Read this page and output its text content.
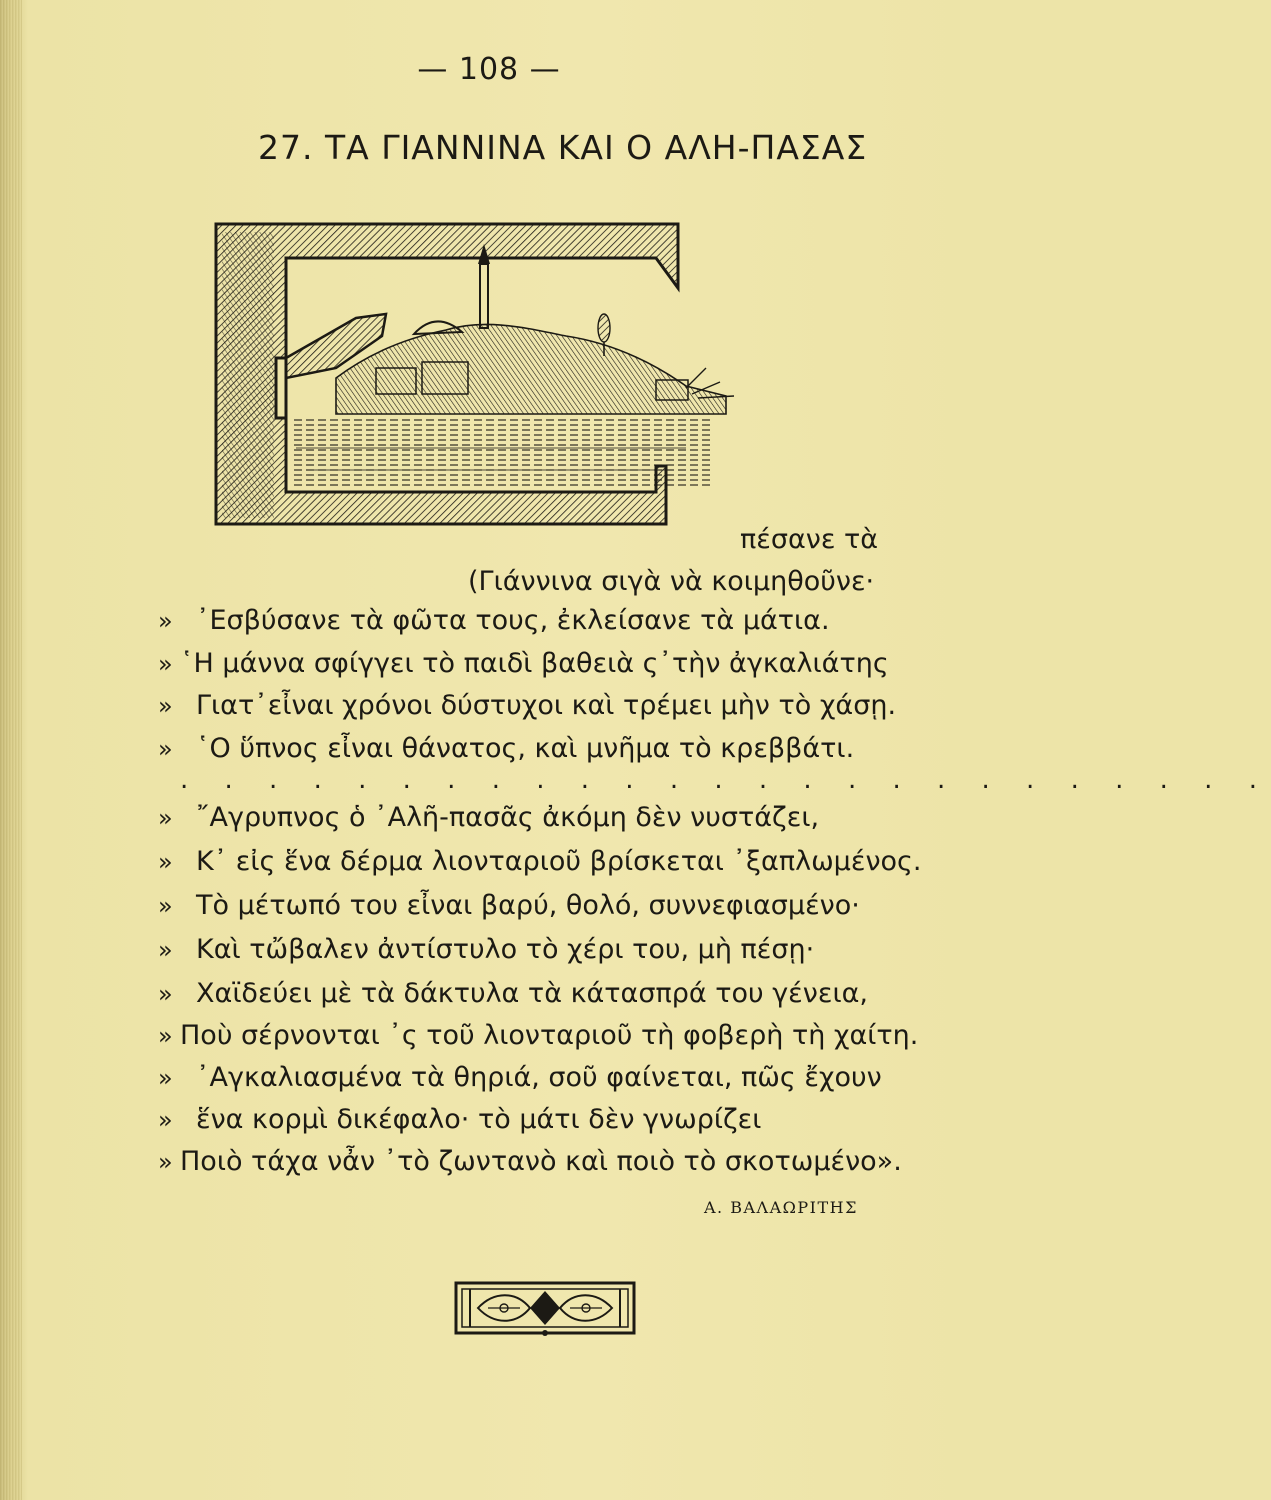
— 108 —
27. ΤΑ ΓΙΑΝΝΙΝΑ ΚΑΙ Ο ΑΛΗ-ΠΑΣΑΣ
πέσανε τὰ
(Γιάννινα σιγὰ νὰ κοιμηθοῦνε·
» ᾿Εσβύσανε τὰ φῶτα τους, ἐκλείσανε τὰ μάτια.
» ῾Η μάννα σφίγγει τὸ παιδὶ βαθειὰ ς᾿τὴν ἀγκαλιάτης
» Γιατ᾿εἶναι χρόνοι δύστυχοι καὶ τρέμει μὴν τὸ χάσῃ.
» ῾Ο ὕπνος εἶναι θάνατος, καὶ μνῆμα τὸ κρεββάτι.
. . . . . . . . . . . . . . . . . . . . . . . . .
» ῎Αγρυπνος ὁ ᾿Αλῆ-πασᾶς ἀκόμη δὲν νυστάζει,
» Κ᾿ εἰς ἕνα δέρμα λιονταριοῦ βρίσκεται ᾿ξαπλωμένος.
» Τὸ μέτωπό του εἶναι βαρύ, θολό, συννεφιασμένο·
» Καὶ τὤβαλεν ἀντίστυλο τὸ χέρι του, μὴ πέσῃ·
» Χαϊδεύει μὲ τὰ δάκτυλα τὰ κάτασπρά του γένεια,
» Ποὺ σέρνονται ᾿ς τοῦ λιονταριοῦ τὴ φοβερὴ τὴ χαίτη.
» ᾿Αγκαλιασμένα τὰ θηριά, σοῦ φαίνεται, πῶς ἔχουν
» ἕνα κορμὶ δικέφαλο· τὸ μάτι δὲν γνωρίζει
» Ποιὸ τάχα νἆν ᾿τὸ ζωντανὸ καὶ ποιὸ τὸ σκοτωμένο».
Α. ΒΑΛΑΩΡΙΤΗΣ
